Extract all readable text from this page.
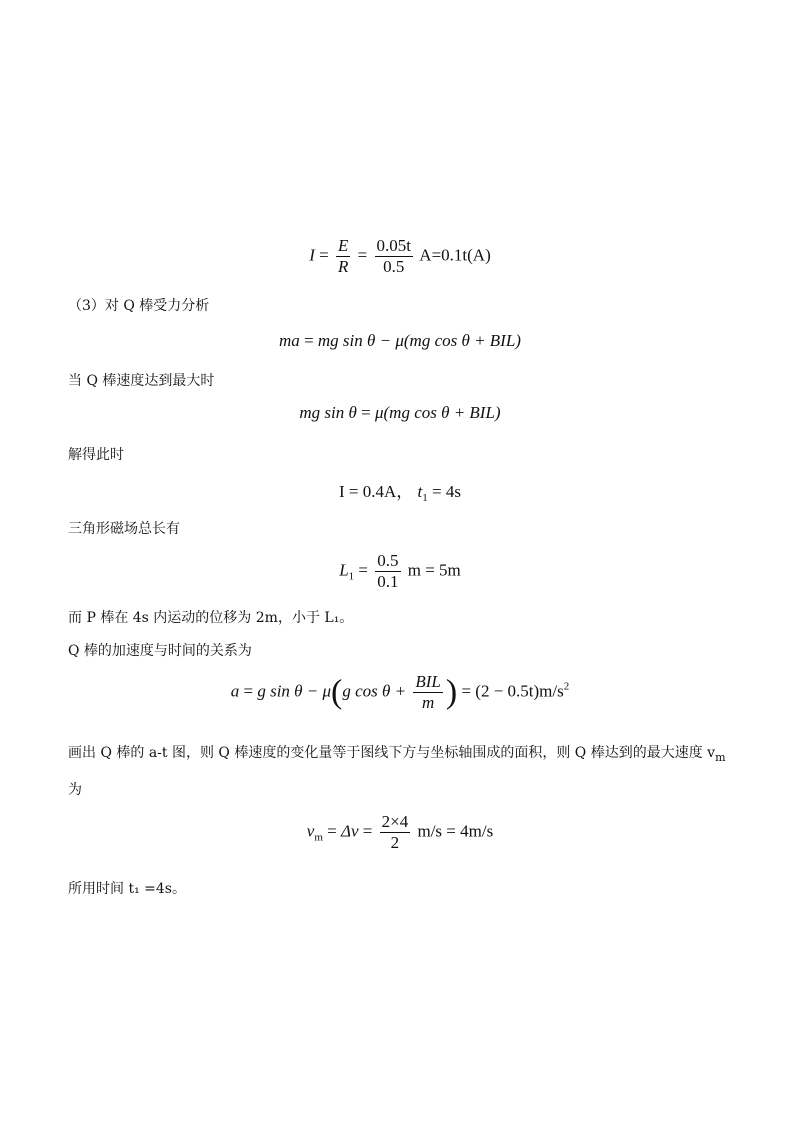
$I = \frac{E}{R} = \frac{0.05t}{0.5} A=0.1t(A)$
（3）对 Q 棒受力分析
ma = mg sin θ − μ(mg cos θ + BIL)
当 Q 棒速度达到最大时
mg sin θ = μ(mg cos θ + BIL)
解得此时
I = 0.4A， $t_1 = 4s$
三角形磁场总长有
$L_1 = \frac{0.5}{0.1}$ m = 5m
而 P 棒在 4s 内运动的位移为 2m，小于 L₁。
Q 棒的加速度与时间的关系为
a = g sin θ − μ(g $\cos \theta + \frac{\text{BIL}}{m}$ ) = $(2 - 0.5t)m/s^2$
画出 Q 棒的 a-t 图，则 Q 棒速度的变化量等于图线下方与坐标轴围成的面积，则 Q 棒达到的最大速度 $v_m$
为
$v_m = \Delta v = \frac{2\times 4}{2} m/s = 4m/s$
所用时间 t₁ =4s。
